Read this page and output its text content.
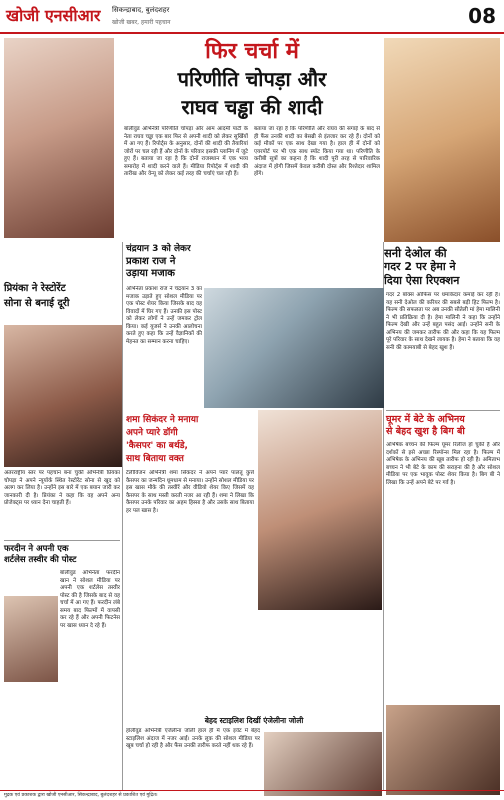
खोजी एनसीआर सिकन्द्राबाद, बुलंदशहर
खोजी खबर, हमारी पहचान	08
फिर चर्चा में
परिणीति चोपड़ा और
राघव चड्ढा की शादी
बॉलीवुड अभिनेत्री परिणीति चोपड़ा और आम आदमी पार्टी के नेता राघव चड्ढा एक बार फिर से अपनी शादी को लेकर सुर्खियों में आ गए हैं। रिपोर्ट्स के अनुसार, दोनों की शादी की तैयारियां जोरों पर चल रही हैं और दोनों के परिवार इसकी प्लानिंग में जुटे हुए हैं। बताया जा रहा है कि दोनों राजस्थान में एक भव्य समारोह में शादी करने वाले हैं। मीडिया रिपोर्ट्स में शादी की तारीख और वेन्यू को लेकर कई तरह की चर्चाएं चल रही हैं।
बताया जा रहा है कि परिणीति और राघव की सगाई के बाद से ही फैंस उनकी शादी का बेसब्री से इंतजार कर रहे हैं। दोनों को कई मौकों पर एक साथ देखा गया है। हाल ही में दोनों को एयरपोर्ट पर भी एक साथ स्पॉट किया गया था। परिणीति के करीबी सूत्रों का कहना है कि शादी पूरी तरह से पारिवारिक अंदाज में होगी जिसमें केवल करीबी दोस्त और रिश्तेदार शामिल होंगे।
सनी देओल की
गदर 2 पर हेमा ने
दिया ऐसा रिएक्शन
गदर 2 बॉक्स ऑफिस पर धमाकेदार कमाई कर रही है। यह सनी देओल की करियर की सबसे बड़ी हिट फिल्म है। फिल्म की सफलता पर अब उनकी सौतेली मां हेमा मालिनी ने भी प्रतिक्रिया दी है। हेमा मालिनी ने कहा कि उन्होंने फिल्म देखी और उन्हें बहुत पसंद आई। उन्होंने सनी के अभिनय की जमकर तारीफ की और कहा कि यह फिल्म पूरे परिवार के साथ देखने लायक है। हेमा ने बताया कि वह सनी की कामयाबी से बेहद खुश हैं।
घूमर में बेटे के अभिनय
से बेहद खुश है बिग बी
अभिषेक बच्चन की फिल्म घूमर रिलीज हो चुकी है और दर्शकों से इसे अच्छा रिस्पॉन्स मिल रहा है। फिल्म में अभिषेक के अभिनय की खूब तारीफ हो रही है। अमिताभ बच्चन ने भी बेटे के काम की सराहना की है और सोशल मीडिया पर एक भावुक पोस्ट शेयर किया है। बिग बी ने लिखा कि उन्हें अपने बेटे पर गर्व है।
चंद्रयान 3 को लेकर
प्रकाश राज ने
उड़ाया मजाक
अभिनेता प्रकाश राज ने चंद्रयान 3 का मजाक उड़ाते हुए सोशल मीडिया पर एक पोस्ट शेयर किया जिसके बाद वह विवादों में घिर गए हैं। उनकी इस पोस्ट को लेकर लोगों ने उन्हें जमकर ट्रोल किया। कई यूजर्स ने उनकी आलोचना करते हुए कहा कि उन्हें वैज्ञानिकों की मेहनत का सम्मान करना चाहिए।
प्रियंका ने रेस्टोरेंट
सोना से बनाई दूरी
अंतरराष्ट्रीय स्तर पर पहचान बना चुकी अभिनेत्री प्रियंका चोपड़ा ने अपने न्यूयॉर्क स्थित रेस्टोरेंट सोना से खुद को अलग कर लिया है। उन्होंने इस बारे में एक बयान जारी कर जानकारी दी है। प्रियंका ने कहा कि वह अपने अन्य प्रोजेक्ट्स पर ध्यान देना चाहती हैं।
फरदीन ने अपनी एक
शर्टलेस तस्वीर की पोस्ट
बॉलीवुड अभिनेता फरदीन खान ने सोशल मीडिया पर अपनी एक शर्टलेस तस्वीर पोस्ट की है जिसके बाद से वह चर्चा में आ गए हैं। फरदीन लंबे समय बाद फिल्मों में वापसी कर रहे हैं और अपनी फिटनेस पर खास ध्यान दे रहे हैं।
शमा सिकंदर ने मनाया
अपने प्यारे डॉगी
'कैसपर' का बर्थडे,
साथ बिताया वक्त
टेलीविजन अभिनेत्री शमा सिकंदर ने अपने प्यारे पालतू कुत्ते कैसपर का जन्मदिन धूमधाम से मनाया। उन्होंने सोशल मीडिया पर इस खास मौके की तस्वीरें और वीडियो शेयर किए जिसमें वह कैसपर के साथ मस्ती करती नजर आ रही हैं। शमा ने लिखा कि कैसपर उनके परिवार का अहम हिस्सा है और उसके साथ बिताया हर पल खास है।
बेहद स्टाइलिश दिखीं एंजेलीना जोली
हॉलीवुड अभिनेत्री एंजेलीना जोली हाल ही में एक इवेंट में बेहद स्टाइलिश अंदाज में नजर आईं। उनके लुक की सोशल मीडिया पर खूब चर्चा हो रही है और फैंस उनकी तारीफ करते नहीं थक रहे हैं।
मुद्रक एवं प्रकाशक द्वारा खोजी एनसीआर, सिकन्द्राबाद, बुलंदशहर से प्रकाशित एवं मुद्रित।
